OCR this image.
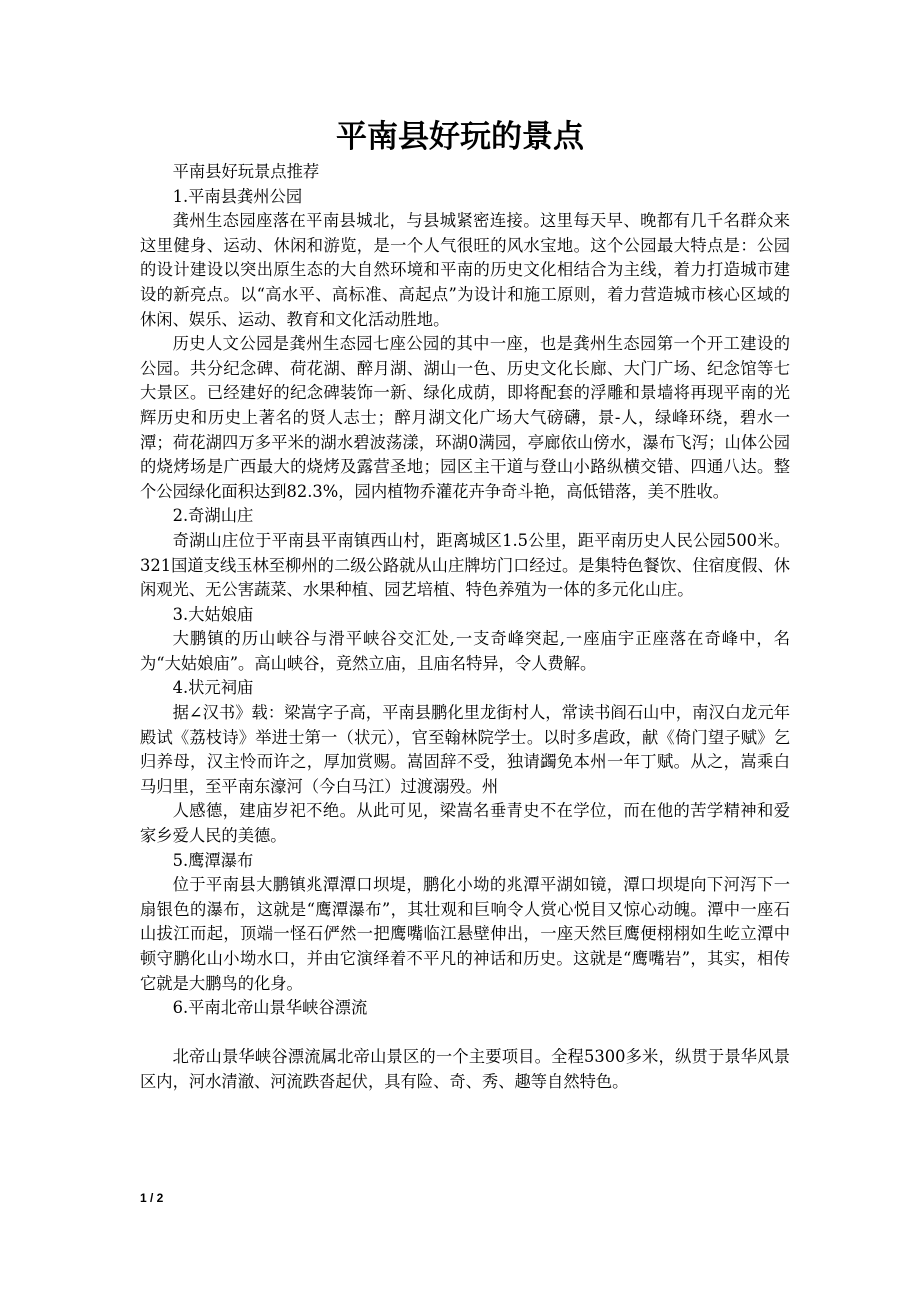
平南县好玩的景点

平南县好玩景点推荐

1.平南县龚州公园

龚州生态园座落在平南县城北，与县城紧密连接。这里每天早、晚都有几千名群众来这里健身、运动、休闲和游览，是一个人气很旺的风水宝地。这个公园最大特点是：公园的设计建设以突出原生态的大自然环境和平南的历史文化相结合为主线，着力打造城市建设的新亮点。以“高水平、高标准、高起点”为设计和施工原则，着力营造城市核心区域的休闲、娱乐、运动、教育和文化活动胜地。

历史人文公园是龚州生态园七座公园的其中一座，也是龚州生态园第一个开工建设的公园。共分纪念碑、荷花湖、醉月湖、湖山一色、历史文化长廊、大门广场、纪念馆等七大景区。已经建好的纪念碑装饰一新、绿化成荫，即将配套的浮雕和景墙将再现平南的光辉历史和历史上著名的贤人志士；醉月湖文化广场大气磅礴，景-人，绿峰环绕，碧水一潭；荷花湖四万多平米的湖水碧波荡漾，环湖0满园，亭廊依山傍水，瀑布飞泻；山体公园的烧烤场是广西最大的烧烤及露营圣地；园区主干道与登山小路纵横交错、四通八达。整个公园绿化面积达到82.3%，园内植物乔灌花卉争奇斗艳，高低错落，美不胜收。

2.奇湖山庄

奇湖山庄位于平南县平南镇西山村，距离城区1.5公里，距平南历史人民公园500米。321国道支线玉林至柳州的二级公路就从山庄牌坊门口经过。是集特色餐饮、住宿度假、休闲观光、无公害蔬菜、水果种植、园艺培植、特色养殖为一体的多元化山庄。

3.大姑娘庙

大鹏镇的历山峡谷与滑平峡谷交汇处,一支奇峰突起,一座庙宇正座落在奇峰中，名为“大姑娘庙”。高山峡谷，竟然立庙，且庙名特异，令人费解。

4.状元祠庙

据∠汉书》载：梁嵩字子高，平南县鹏化里龙街村人，常读书阎石山中，南汉白龙元年殿试《荔枝诗》举进士第一（状元），官至翰林院学士。以时多虐政，献《倚门望子赋》乞归养母，汉主怜而许之，厚加赏赐。嵩固辞不受，独请蠲免本州一年丁赋。从之，嵩乘白马归里，至平南东濠河（今白马江）过渡溺殁。州

人感德，建庙岁祀不绝。从此可见，梁嵩名垂青史不在学位，而在他的苦学精神和爱家乡爱人民的美德。

5.鹰潭瀑布

位于平南县大鹏镇兆潭潭口坝堤，鹏化小坳的兆潭平湖如镜，潭口坝堤向下河泻下一扇银色的瀑布，这就是“鹰潭瀑布”，其壮观和巨响令人赏心悦目又惊心动魄。潭中一座石山拔江而起，顶端一怪石俨然一把鹰嘴临江悬壁伸出，一座天然巨鹰便栩栩如生屹立潭中顿守鹏化山小坳水口，并由它演绎着不平凡的神话和历史。这就是“鹰嘴岩”，其实，相传它就是大鹏鸟的化身。

6.平南北帝山景华峡谷漂流

北帝山景华峡谷漂流属北帝山景区的一个主要项目。全程5300多米，纵贯于景华风景区内，河水清澈、河流跌沓起伏，具有险、奇、秀、趣等自然特色。

1 / 2
